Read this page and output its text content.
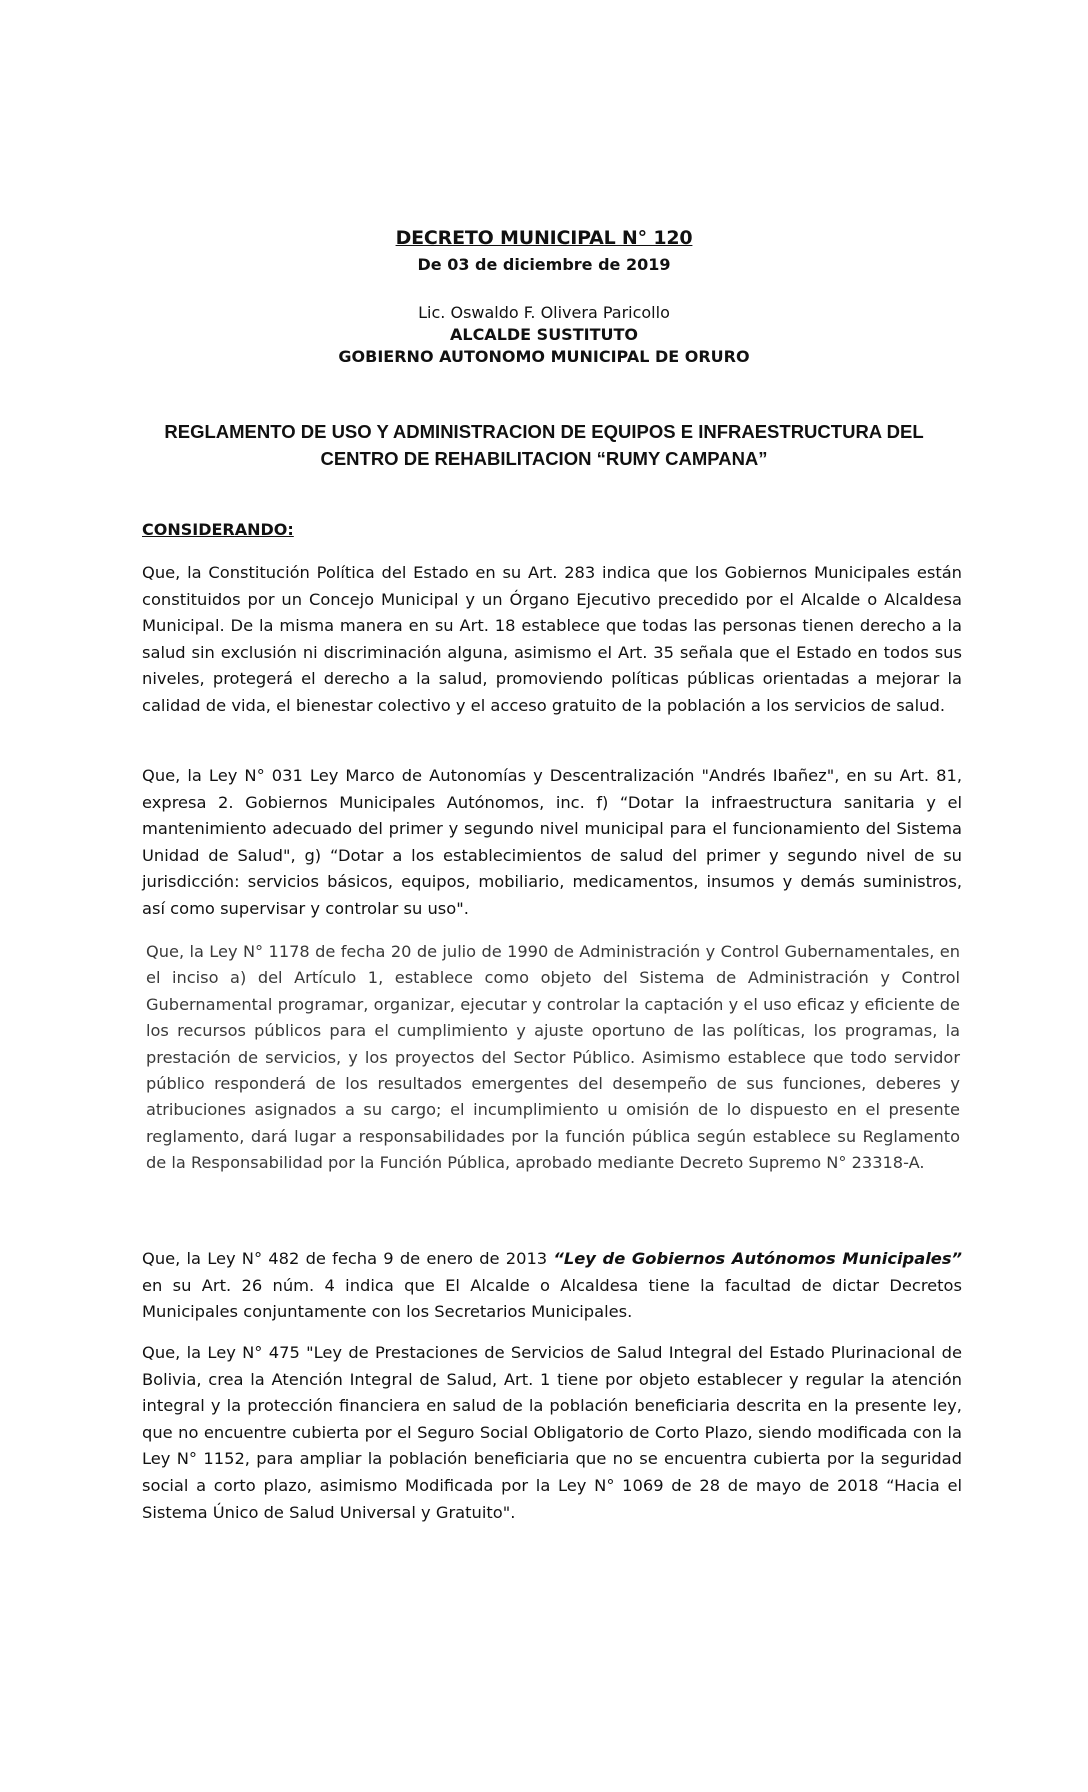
DECRETO MUNICIPAL N° 120
De 03 de diciembre de 2019
Lic. Oswaldo F. Olivera Paricollo
ALCALDE SUSTITUTO
GOBIERNO AUTONOMO MUNICIPAL DE ORURO
REGLAMENTO DE USO Y ADMINISTRACION DE EQUIPOS E INFRAESTRUCTURA DEL
CENTRO DE REHABILITACION “RUMY CAMPANA”
CONSIDERANDO:

Que, la Constitución Política del Estado en su Art. 283 indica que los Gobiernos Municipales están constituidos por un Concejo Municipal y un Órgano Ejecutivo precedido por el Alcalde o Alcaldesa Municipal. De la misma manera en su Art. 18 establece que todas las personas tienen derecho a la salud sin exclusión ni discriminación alguna, asimismo el Art. 35 señala que el Estado en todos sus niveles, protegerá el derecho a la salud, promoviendo políticas públicas orientadas a mejorar la calidad de vida, el bienestar colectivo y el acceso gratuito de la población a los servicios de salud.

Que, la Ley N° 031 Ley Marco de Autonomías y Descentralización "Andrés Ibañez", en su Art. 81, expresa 2. Gobiernos Municipales Autónomos, inc. f) “Dotar la infraestructura sanitaria y el mantenimiento adecuado del primer y segundo nivel municipal para el funcionamiento del Sistema Unidad de Salud", g) “Dotar a los establecimientos de salud del primer y segundo nivel de su jurisdicción: servicios básicos, equipos, mobiliario, medicamentos, insumos y demás suministros, así como supervisar y controlar su uso".

Que, la Ley N° 1178 de fecha 20 de julio de 1990 de Administración y Control Gubernamentales, en el inciso a) del Artículo 1, establece como objeto del Sistema de Administración y Control Gubernamental programar, organizar, ejecutar y controlar la captación y el uso eficaz y eficiente de los recursos públicos para el cumplimiento y ajuste oportuno de las políticas, los programas, la prestación de servicios, y los proyectos del Sector Público. Asimismo establece que todo servidor público responderá de los resultados emergentes del desempeño de sus funciones, deberes y atribuciones asignados a su cargo; el incumplimiento u omisión de lo dispuesto en el presente reglamento, dará lugar a responsabilidades por la función pública según establece su Reglamento de la Responsabilidad por la Función Pública, aprobado mediante Decreto Supremo N° 23318-A.

Que, la Ley N° 482 de fecha 9 de enero de 2013 “Ley de Gobiernos Autónomos Municipales” en su Art. 26 núm. 4 indica que El Alcalde o Alcaldesa tiene la facultad de dictar Decretos Municipales conjuntamente con los Secretarios Municipales.

Que, la Ley N° 475 "Ley de Prestaciones de Servicios de Salud Integral del Estado Plurinacional de Bolivia, crea la Atención Integral de Salud, Art. 1 tiene por objeto establecer y regular la atención integral y la protección financiera en salud de la población beneficiaria descrita en la presente ley, que no encuentre cubierta por el Seguro Social Obligatorio de Corto Plazo, siendo modificada con la Ley N° 1152, para ampliar la población beneficiaria que no se encuentra cubierta por la seguridad social a corto plazo, asimismo Modificada por la Ley N° 1069 de 28 de mayo de 2018 “Hacia el Sistema Único de Salud Universal y Gratuito".
